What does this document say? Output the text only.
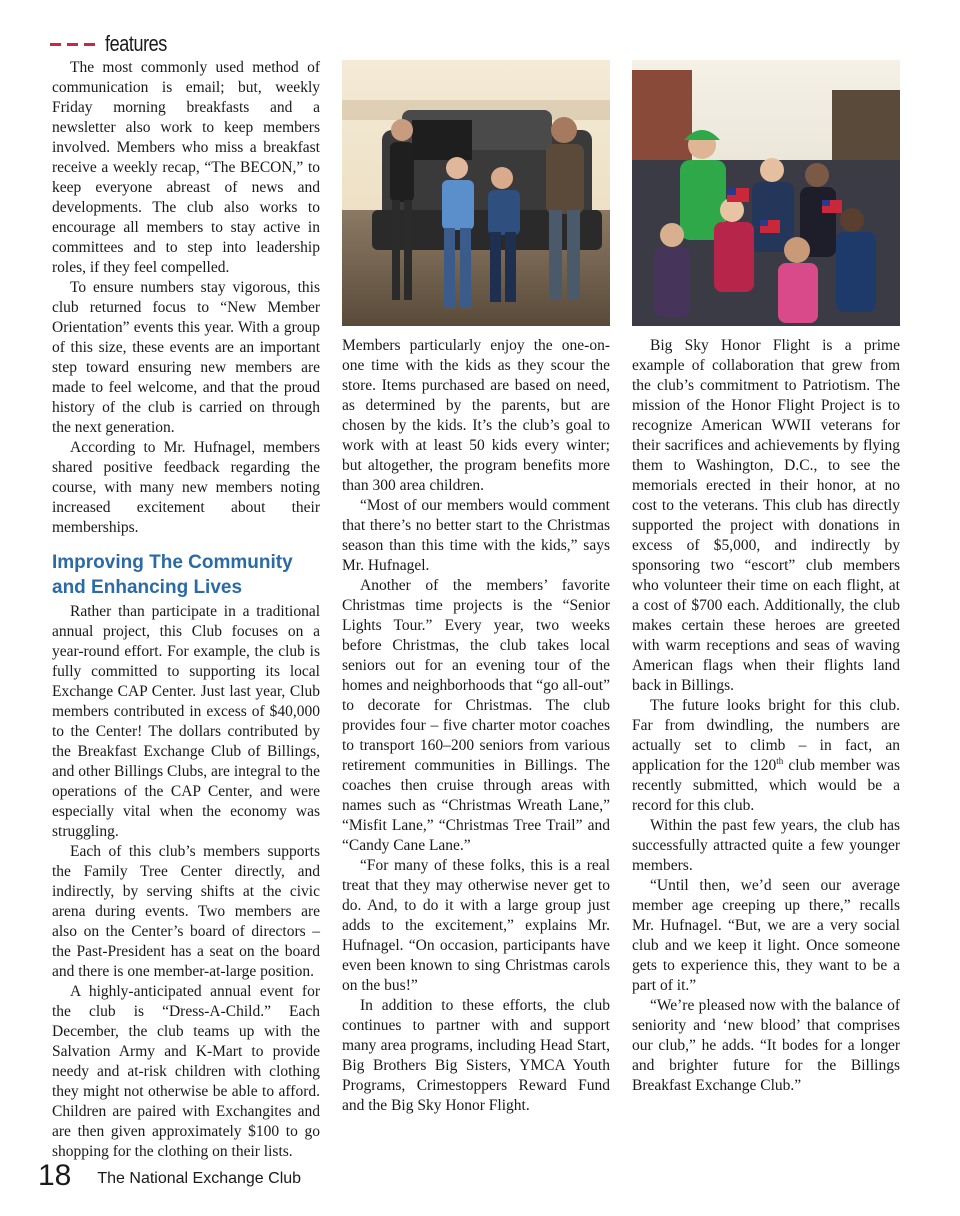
features

The most commonly used method of communication is email; but, weekly Friday morning breakfasts and a newsletter also work to keep members involved. Members who miss a breakfast receive a weekly recap, “The BECON,” to keep everyone abreast of news and developments. The club also works to encourage all members to stay active in committees and to step into leadership roles, if they feel compelled.

To ensure numbers stay vigorous, this club returned focus to “New Member Orientation” events this year. With a group of this size, these events are an important step toward ensuring new members are made to feel welcome, and that the proud history of the club is carried on through the next generation.

According to Mr. Hufnagel, members shared positive feedback regarding the course, with many new members noting increased excitement about their memberships.

Improving The Community and Enhancing Lives

Rather than participate in a traditional annual project, this Club focuses on a year-round effort. For example, the club is fully committed to supporting its local Exchange CAP Center. Just last year, Club members contributed in excess of $40,000 to the Center! The dollars contributed by the Breakfast Exchange Club of Billings, and other Billings Clubs, are integral to the operations of the CAP Center, and were especially vital when the economy was struggling.

Each of this club’s members supports the Family Tree Center directly, and indirectly, by serving shifts at the civic arena during events. Two members are also on the Center’s board of directors – the Past-President has a seat on the board and there is one member-at-large position.

A highly-anticipated annual event for the club is “Dress-A-Child.” Each December, the club teams up with the Salvation Army and K-Mart to provide needy and at-risk children with clothing they might not otherwise be able to afford. Children are paired with Exchangites and are then given approximately $100 to go shopping for the clothing on their lists.

Members particularly enjoy the one-on-one time with the kids as they scour the store. Items purchased are based on need, as determined by the parents, but are chosen by the kids. It’s the club’s goal to work with at least 50 kids every winter; but altogether, the program benefits more than 300 area children.

“Most of our members would comment that there’s no better start to the Christmas season than this time with the kids,” says Mr. Hufnagel.

Another of the members’ favorite Christmas time projects is the “Senior Lights Tour.” Every year, two weeks before Christmas, the club takes local seniors out for an evening tour of the homes and neighborhoods that “go all-out” to decorate for Christmas. The club provides four – five charter motor coaches to transport 160–200 seniors from various retirement communities in Billings. The coaches then cruise through areas with names such as “Christmas Wreath Lane,” “Misfit Lane,” “Christmas Tree Trail” and “Candy Cane Lane.”

“For many of these folks, this is a real treat that they may otherwise never get to do. And, to do it with a large group just adds to the excitement,” explains Mr. Hufnagel. “On occasion, participants have even been known to sing Christmas carols on the bus!”

In addition to these efforts, the club continues to partner with and support many area programs, including Head Start, Big Brothers Big Sisters, YMCA Youth Programs, Crimestoppers Reward Fund and the Big Sky Honor Flight.

Big Sky Honor Flight is a prime example of collaboration that grew from the club’s commitment to Patriotism. The mission of the Honor Flight Project is to recognize American WWII veterans for their sacrifices and achievements by flying them to Washington, D.C., to see the memorials erected in their honor, at no cost to the veterans. This club has directly supported the project with donations in excess of $5,000, and indirectly by sponsoring two “escort” club members who volunteer their time on each flight, at a cost of $700 each. Additionally, the club makes certain these heroes are greeted with warm receptions and seas of waving American flags when their flights land back in Billings.

The future looks bright for this club. Far from dwindling, the numbers are actually set to climb – in fact, an application for the 120th club member was recently submitted, which would be a record for this club.

Within the past few years, the club has successfully attracted quite a few younger members.

“Until then, we’d seen our average member age creeping up there,” recalls Mr. Hufnagel. “But, we are a very social club and we keep it light. Once someone gets to experience this, they want to be a part of it.”

“We’re pleased now with the balance of seniority and ‘new blood’ that comprises our club,” he adds. “It bodes for a longer and brighter future for the Billings Breakfast Exchange Club.”

18 The National Exchange Club
